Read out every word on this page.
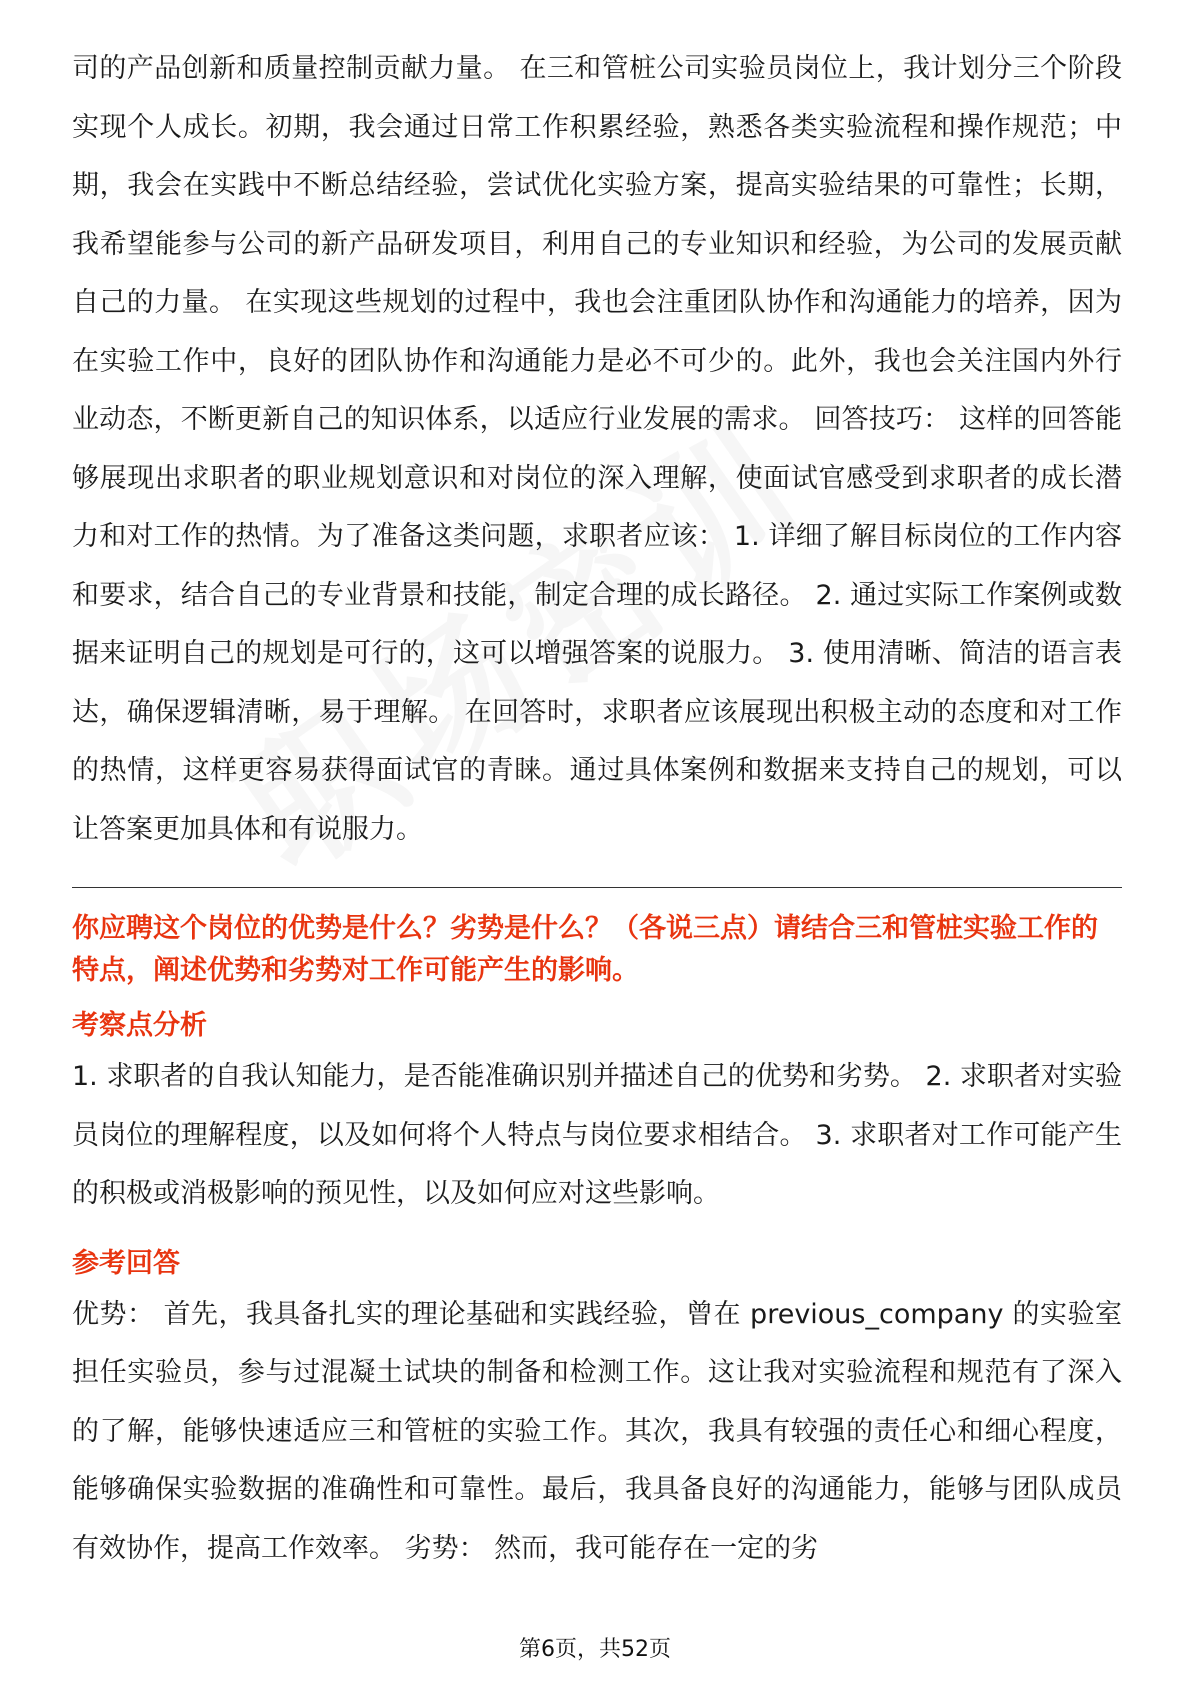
司的产品创新和质量控制贡献力量。 在三和管桩公司实验员岗位上，我计划分三个阶段实现个人成长。初期，我会通过日常工作积累经验，熟悉各类实验流程和操作规范；中期，我会在实践中不断总结经验，尝试优化实验方案，提高实验结果的可靠性；长期，我希望能参与公司的新产品研发项目，利用自己的专业知识和经验，为公司的发展贡献自己的力量。 在实现这些规划的过程中，我也会注重团队协作和沟通能力的培养，因为在实验工作中，良好的团队协作和沟通能力是必不可少的。此外，我也会关注国内外行业动态，不断更新自己的知识体系，以适应行业发展的需求。 回答技巧： 这样的回答能够展现出求职者的职业规划意识和对岗位的深入理解，使面试官感受到求职者的成长潜力和对工作的热情。为了准备这类问题，求职者应该： 1. 详细了解目标岗位的工作内容和要求，结合自己的专业背景和技能，制定合理的成长路径。 2. 通过实际工作案例或数据来证明自己的规划是可行的，这可以增强答案的说服力。 3. 使用清晰、简洁的语言表达，确保逻辑清晰，易于理解。 在回答时，求职者应该展现出积极主动的态度和对工作的热情，这样更容易获得面试官的青睐。通过具体案例和数据来支持自己的规划，可以让答案更加具体和有说服力。

你应聘这个岗位的优势是什么？劣势是什么？（各说三点）请结合三和管桩实验工作的特点，阐述优势和劣势对工作可能产生的影响。

考察点分析

1. 求职者的自我认知能力，是否能准确识别并描述自己的优势和劣势。 2. 求职者对实验员岗位的理解程度，以及如何将个人特点与岗位要求相结合。 3. 求职者对工作可能产生的积极或消极影响的预见性，以及如何应对这些影响。

参考回答

优势： 首先，我具备扎实的理论基础和实践经验，曾在 previous_company 的实验室担任实验员，参与过混凝土试块的制备和检测工作。这让我对实验流程和规范有了深入的了解，能够快速适应三和管桩的实验工作。其次，我具有较强的责任心和细心程度，能够确保实验数据的准确性和可靠性。最后，我具备良好的沟通能力，能够与团队成员有效协作，提高工作效率。 劣势： 然而，我可能存在一定的劣

第6页，共52页
